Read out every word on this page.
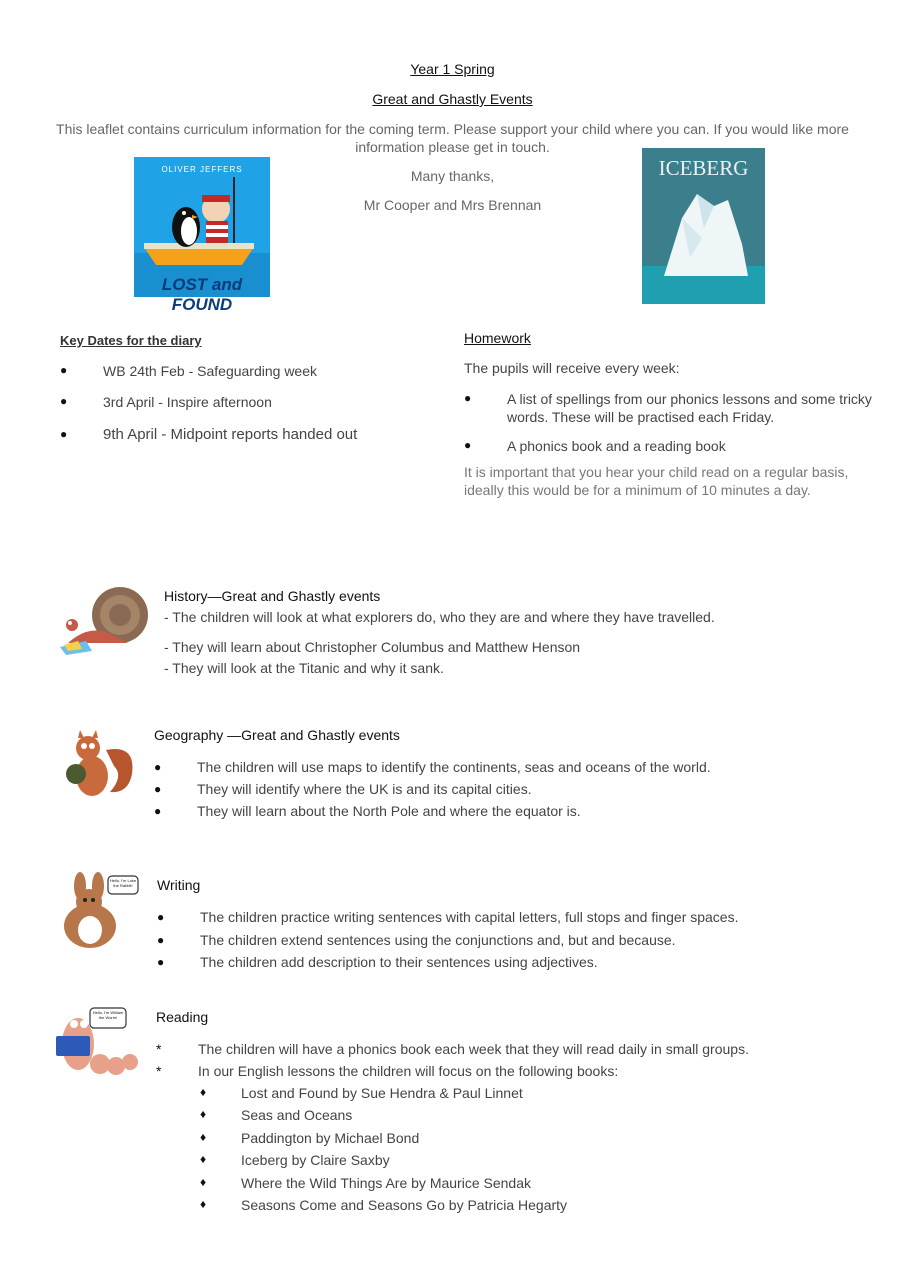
Year 1 Spring
Great and Ghastly Events
This leaflet contains curriculum information for the coming term. Please support your child where you can. If you would like more
information please get in touch.
Many thanks,
Mr Cooper and Mrs Brennan
OLIVER JEFFERS
LOST and FOUND
ICEBERG
Key Dates for the diary
●	WB 24th Feb - Safeguarding week
●	3rd April - Inspire afternoon
● 9th April - Midpoint reports handed out
Homework
The pupils will receive every week:
●	A list of spellings from our phonics lessons and some tricky
words. These will be practised each Friday.
●	A phonics book and a reading book
It is important that you hear your child read on a regular basis,
ideally this would be for a minimum of 10 minutes a day.
History—Great and Ghastly events
- The children will look at what explorers do, who they are and where they have travelled.
- They will learn about Christopher Columbus and Matthew Henson
- They will look at the Titanic and why it sank.
Geography —Great and Ghastly events
●	The children will use maps to identify the continents, seas and oceans of the world.
●	They will identify where the UK is and its capital cities.
●	They will learn about the North Pole and where the equator is.
Hello, I'm Luke the Rabbit!	Writing
●	The children practice writing sentences with capital letters, full stops and finger spaces.
●	The children extend sentences using the conjunctions and, but and because.
●	The children add description to their sentences using adjectives.
Hello, I'm William the Worm!	Reading
*	The children will have a phonics book each week that they will read daily in small groups.
*	In our English lessons the children will focus on the following books:
♦ Lost and Found by Sue Hendra & Paul Linnet
♦ Seas and Oceans
♦ Paddington by Michael Bond
♦ Iceberg by Claire Saxby
♦ Where the Wild Things Are by Maurice Sendak
♦ Seasons Come and Seasons Go by Patricia Hegarty
